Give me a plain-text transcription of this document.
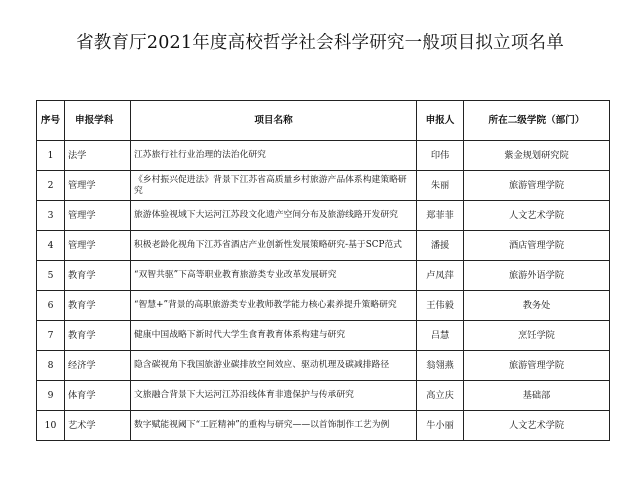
省教育厅2021年度高校哲学社会科学研究一般项目拟立项名单
序号	申报学科	项目名称	申报人	所在二级学院（部门）
1	法学	江苏旅行社行业治理的法治化研究	印伟	紫金规划研究院
2	管理学	《乡村振兴促进法》背景下江苏省高质量乡村旅游产品体系构建策略研究	朱丽	旅游管理学院
3	管理学	旅游体验视域下大运河江苏段文化遗产空间分布及旅游线路开发研究	郑菲菲	人文艺术学院
4	管理学	积极老龄化视角下江苏省酒店产业创新性发展策略研究-基于SCP范式	潘援	酒店管理学院
5	教育学	“双智共驱”下高等职业教育旅游类专业改革发展研究	卢凤萍	旅游外语学院
6	教育学	“智慧+”背景的高职旅游类专业教师教学能力核心素养提升策略研究	王伟毅	教务处
7	教育学	健康中国战略下新时代大学生食育教育体系构建与研究	吕慧	烹饪学院
8	经济学	隐含碳视角下我国旅游业碳排放空间效应、驱动机理及碳减排路径	翁翎燕	旅游管理学院
9	体育学	文旅融合背景下大运河江苏沿线体育非遗保护与传承研究	高立庆	基础部
10	艺术学	数字赋能视阈下“工匠精神”的重构与研究——以首饰制作工艺为例	牛小丽	人文艺术学院
